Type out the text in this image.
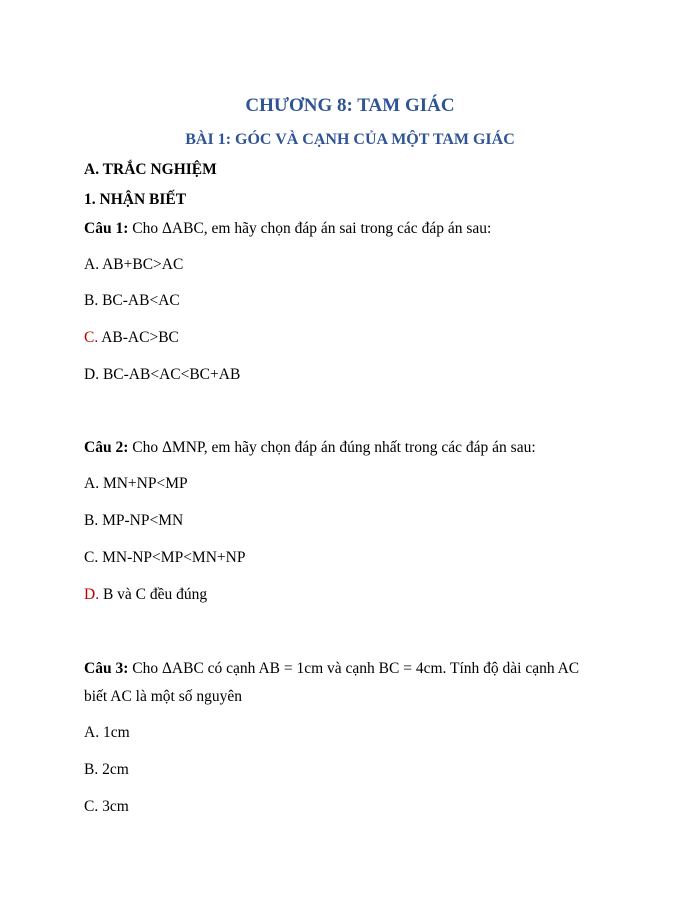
CHƯƠNG 8: TAM GIÁC
BÀI 1: GÓC VÀ CẠNH CỦA MỘT TAM GIÁC
A. TRẮC NGHIỆM
1. NHẬN BIẾT
Câu 1: Cho ΔABC, em hãy chọn đáp án sai trong các đáp án sau:
A. AB+BC>AC
B. BC-AB<AC
C. AB-AC>BC
D. BC-AB<AC<BC+AB
Câu 2: Cho ΔMNP, em hãy chọn đáp án đúng nhất trong các đáp án sau:
A. MN+NP<MP
B. MP-NP<MN
C. MN-NP<MP<MN+NP
D. B và C đều đúng
Câu 3: Cho ΔABC có cạnh AB = 1cm và cạnh BC = 4cm. Tính độ dài cạnh AC
biết AC là một số nguyên
A. 1cm
B. 2cm
C. 3cm
